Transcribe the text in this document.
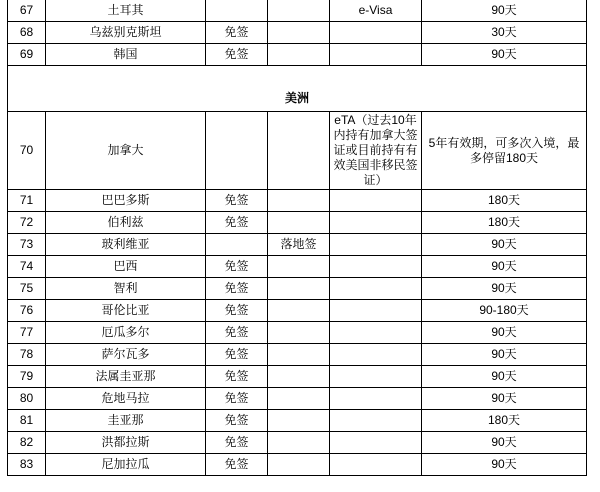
67	土耳其			e-Visa	90天
68	乌兹别克斯坦	免签			30天
69	韩国	免签			90天

美洲					
70	加拿大			eTA（过去10年内持有加拿大签证或目前持有有效美国非移民签证）	5年有效期，可多次入境，最多停留180天
71	巴巴多斯	免签			180天
72	伯利兹	免签			180天
73	玻利维亚		落地签		90天
74	巴西	免签			90天
75	智利	免签			90天
76	哥伦比亚	免签			90-180天
77	厄瓜多尔	免签			90天
78	萨尔瓦多	免签			90天
79	法属圭亚那	免签			90天
80	危地马拉	免签			90天
81	圭亚那	免签			180天
82	洪都拉斯	免签			90天
83	尼加拉瓜	免签			90天
